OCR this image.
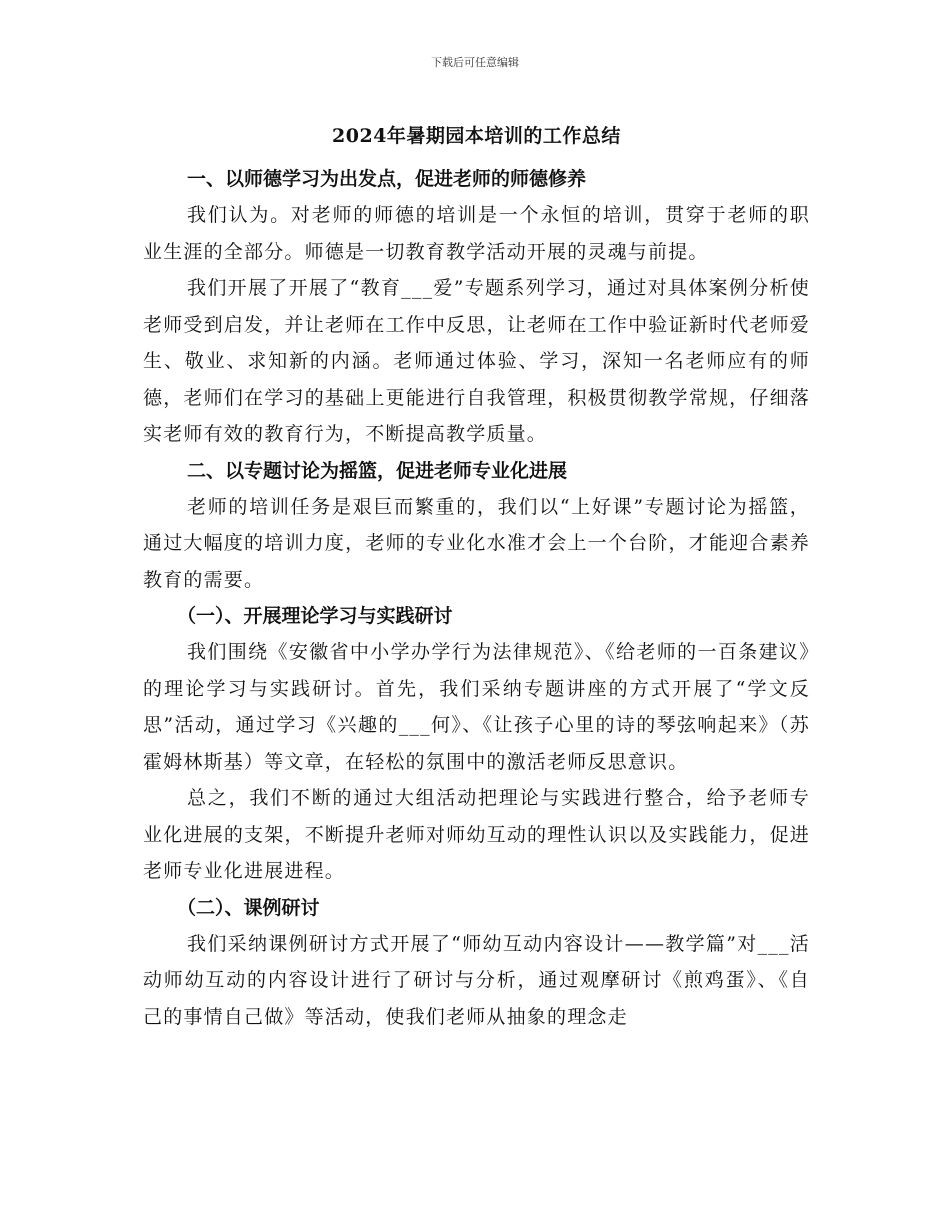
下载后可任意编辑
2024年暑期园本培训的工作总结
一、以师德学习为出发点，促进老师的师德修养

我们认为。对老师的师德的培训是一个永恒的培训，贯穿于老师的职业生涯的全部分。师德是一切教育教学活动开展的灵魂与前提。

我们开展了开展了“教育___爱”专题系列学习，通过对具体案例分析使老师受到启发，并让老师在工作中反思，让老师在工作中验证新时代老师爱生、敬业、求知新的内涵。老师通过体验、学习，深知一名老师应有的师德，老师们在学习的基础上更能进行自我管理，积极贯彻教学常规，仔细落实老师有效的教育行为，不断提高教学质量。

二、以专题讨论为摇篮，促进老师专业化进展

老师的培训任务是艰巨而繁重的，我们以“上好课”专题讨论为摇篮，通过大幅度的培训力度，老师的专业化水准才会上一个台阶，才能迎合素养教育的需要。

（一）、开展理论学习与实践研讨

我们围绕《安徽省中小学办学行为法律规范》、《给老师的一百条建议》的理论学习与实践研讨。首先，我们采纳专题讲座的方式开展了“学文反思”活动，通过学习《兴趣的___何》、《让孩子心里的诗的琴弦响起来》（苏霍姆林斯基）等文章，在轻松的氛围中的激活老师反思意识。

总之，我们不断的通过大组活动把理论与实践进行整合，给予老师专业化进展的支架，不断提升老师对师幼互动的理性认识以及实践能力，促进老师专业化进展进程。

（二）、课例研讨

我们采纳课例研讨方式开展了“师幼互动内容设计——教学篇”对___活动师幼互动的内容设计进行了研讨与分析，通过观摩研讨《煎鸡蛋》、《自己的事情自己做》等活动，使我们老师从抽象的理念走
